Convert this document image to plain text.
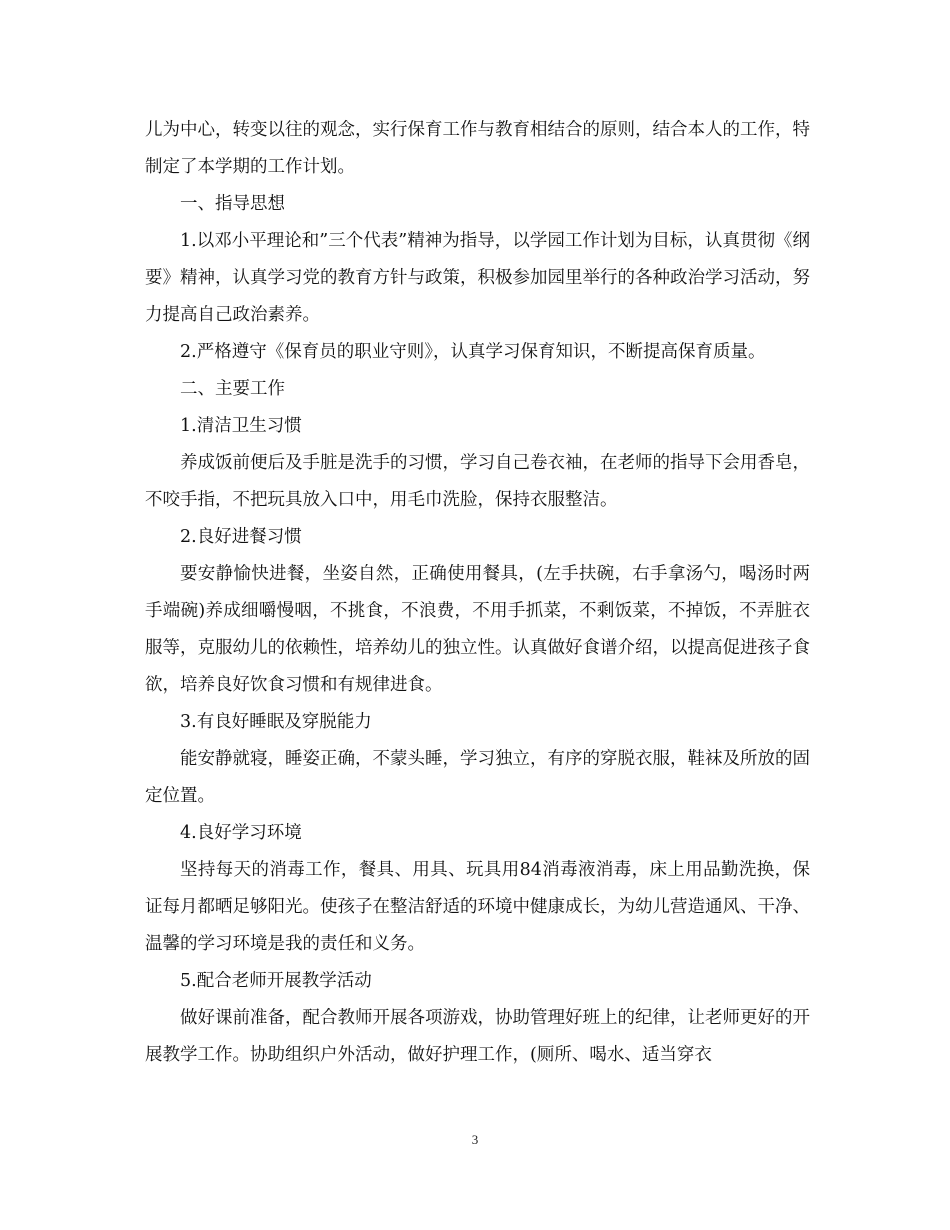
儿为中心，转变以往的观念，实行保育工作与教育相结合的原则，结合本人的工作，特制定了本学期的工作计划。

一、指导思想

1.以邓小平理论和”三个代表”精神为指导，以学园工作计划为目标，认真贯彻《纲要》精神，认真学习党的教育方针与政策，积极参加园里举行的各种政治学习活动，努力提高自己政治素养。

2.严格遵守《保育员的职业守则》，认真学习保育知识，不断提高保育质量。

二、主要工作

1.清洁卫生习惯

养成饭前便后及手脏是洗手的习惯，学习自己卷衣袖，在老师的指导下会用香皂，不咬手指，不把玩具放入口中，用毛巾洗脸，保持衣服整洁。

2.良好进餐习惯

要安静愉快进餐，坐姿自然，正确使用餐具，(左手扶碗，右手拿汤勺，喝汤时两手端碗)养成细嚼慢咽，不挑食，不浪费，不用手抓菜，不剩饭菜，不掉饭，不弄脏衣服等，克服幼儿的依赖性，培养幼儿的独立性。认真做好食谱介绍，以提高促进孩子食欲，培养良好饮食习惯和有规律进食。

3.有良好睡眠及穿脱能力

能安静就寝，睡姿正确，不蒙头睡，学习独立，有序的穿脱衣服，鞋袜及所放的固定位置。

4.良好学习环境

坚持每天的消毒工作，餐具、用具、玩具用84消毒液消毒，床上用品勤洗换，保证每月都晒足够阳光。使孩子在整洁舒适的环境中健康成长，为幼儿营造通风、干净、温馨的学习环境是我的责任和义务。

5.配合老师开展教学活动

做好课前准备，配合教师开展各项游戏，协助管理好班上的纪律，让老师更好的开展教学工作。协助组织户外活动，做好护理工作，(厕所、喝水、适当穿衣

3
